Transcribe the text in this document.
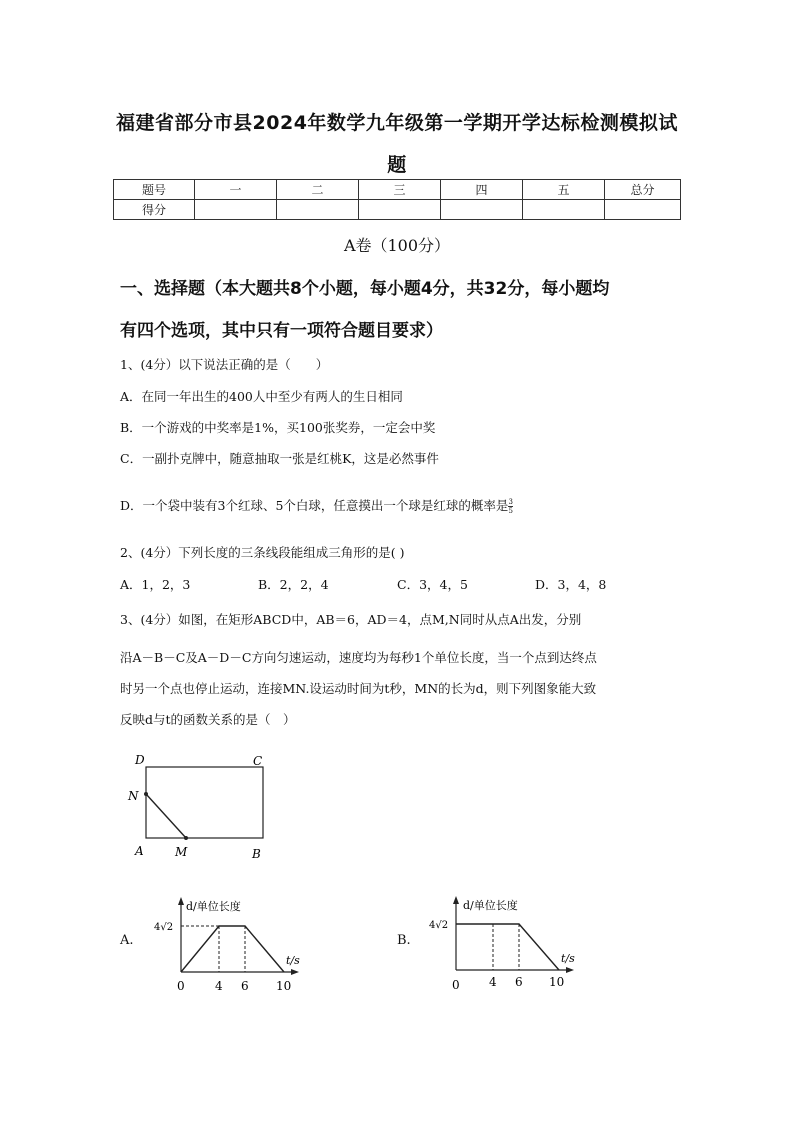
福建省部分市县2024年数学九年级第一学期开学达标检测模拟试
题
题号	一	二	三	四	五	总分
得分						
A卷（100分）
一、选择题（本大题共8个小题，每小题4分，共32分，每小题均
有四个选项，其中只有一项符合题目要求）
1、(4分）以下说法正确的是（　　）
A．在同一年出生的400人中至少有两人的生日相同
B．一个游戏的中奖率是1%，买100张奖券，一定会中奖
C．一副扑克牌中，随意抽取一张是红桃K，这是必然事件
D．一个袋中装有3个红球、5个白球，任意摸出一个球是红球的概率是 $\frac{3}{5}$
2、(4分）下列长度的三条线段能组成三角形的是( )
A．1，2，3	B．2，2，4	C．3，4，5	D．3，4，8
3、(4分）如图，在矩形ABCD中，AB＝6，AD＝4，点M,N同时从点A出发，分别
沿A－B－C及A－D－C方向匀速运动，速度均为每秒1个单位长度，当一个点到达终点
时另一个点也停止运动，连接MN.设运动时间为t秒，MN的长为d，则下列图象能大致
反映d与t的函数关系的是（　）
D	C
N
A	M	B
A.
d/单位长度
4√2
t/s
0	4 6 10
B.
d/单位长度
4√2
t/s
0 4 6 10
